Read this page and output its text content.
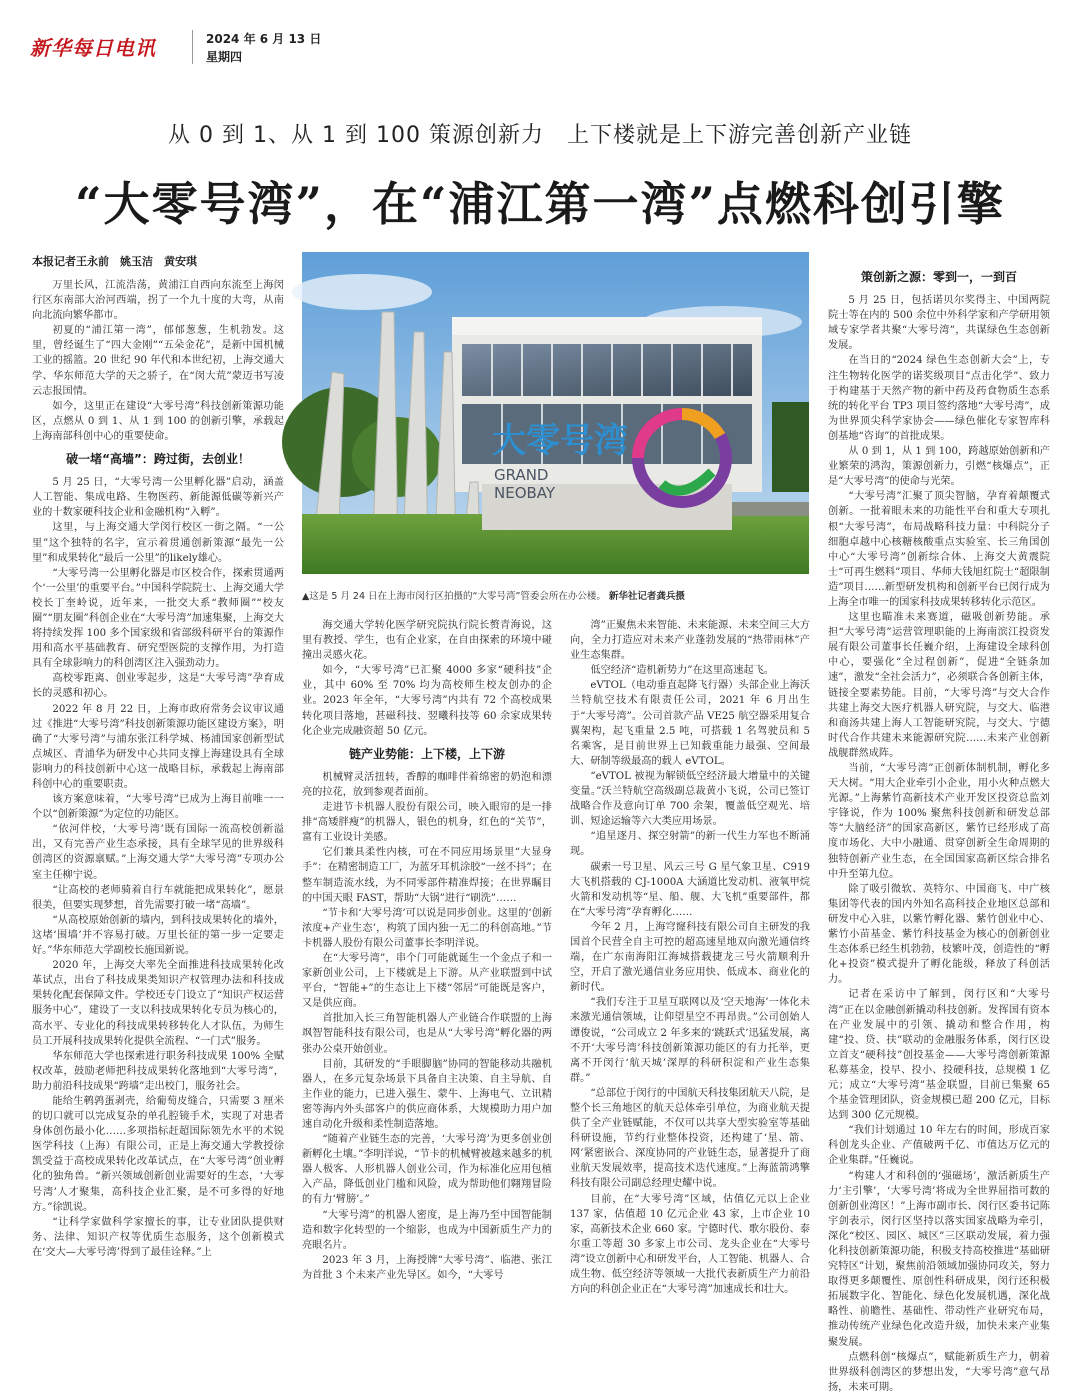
新华每日电讯	2024 年 6 月 13 日
星期四
从 0 到 1、从 1 到 100 策源创新力　上下楼就是上下游完善创新产业链
“大零号湾”，在“浦江第一湾”点燃科创引擎
本报记者王永前　姚玉洁　黄安琪

万里长风，江流浩荡，黄浦江自西向东流至上海闵行区东南部大治河西端，拐了一个九十度的大弯，从南向北流向繁华都市。

初夏的“浦江第一湾”，郁郁葱葱，生机勃发。这里，曾经诞生了“四大金刚”“五朵金花”，是新中国机械工业的摇篮。20 世纪 90 年代和本世纪初，上海交通大学、华东师范大学的天之骄子，在“闵大荒”蒙迈书写凌云志报国情。

如今，这里正在建设“大零号湾”科技创新策源功能区，点燃从 0 到 1、从 1 到 100 的创新引擎，承载起上海南部科创中心的重要使命。

破一堵“高墙”：跨过街，去创业！

5 月 25 日，“大零号湾一公里孵化器”启动，涵盖人工智能、集成电路、生物医药、新能源低碳等新兴产业的十数家硬科技企业和金融机构“入孵”。

这里，与上海交通大学闵行校区一街之隔。“一公里”这个独特的名字，宣示着贯通创新策源“最先一公里”和成果转化“最后一公里”的likely雄心。

“大零号湾一公里孵化器是市区校合作，探索贯通两个‘一公里’的重要平台。”中国科学院院士、上海交通大学校长丁奎岭说，近年来，一批交大系“教师圈”“校友圈”“朋友圈”科创企业在“大零号湾”加速集聚，上海交大将持续发挥 100 多个国家级和省部级科研平台的策源作用和高水平基础教育、研究型医院的支撑作用，为打造具有全球影响力的科创湾区注入强劲动力。

高校零距离、创业零起步，这是“大零号湾”孕育成长的灵感和初心。

2022 年 8 月 22 日，上海市政府常务会议审议通过《推进“大零号湾”科技创新策源功能区建设方案》，明确了“大零号湾”与浦东张江科学城、杨浦国家创新型试点城区、青浦华为研发中心共同支撑上海建设具有全球影响力的科技创新中心这一战略目标，承载起上海南部科创中心的重要职责。

该方案意味着，“大零号湾”已成为上海目前唯一一个以“创新策源”为定位的功能区。

“依河伴校，‘大零号湾’既有国际一流高校创新溢出，又有完善产业生态承接，具有全球罕见的世界级科创湾区的资源禀赋。”上海交通大学“大零号湾”专项办公室主任柳宁说。

“让高校的老师骑着自行车就能把成果转化”，愿景很美，但要实现梦想，首先需要打破一堵“高墙”。

“从高校原始创新的墙内，到科技成果转化的墙外，这堵‘围墙’并不容易打破。万里长征的第一步一定要走好。”华东师范大学副校长施国新说。

2020 年，上海交大率先全面推进科技成果转化改革试点，出台了科技成果类知识产权管理办法和科技成果转化配套保障文件。学校还专门设立了“知识产权运营服务中心”，建设了一支以科技成果转化专员为核心的，高水平、专业化的科技成果转移转化人才队伍，为师生员工开展科技成果转化提供全流程、“一门式”服务。

华东师范大学也探索进行职务科技成果 100% 全赋权改革，鼓励老师把科技成果转化落地到“大零号湾”，助力前沿科技成果“跨墙”走出校门，服务社会。

能给生鹌鹑蛋剥壳，给葡萄皮缝合，只需要 3 厘米的切口就可以完成复杂的单孔腔镜手术，实现了对患者身体创伤最小化……多项指标赶超国际领先水平的术锐医学科技（上海）有限公司，正是上海交通大学教授徐凯受益于高校成果转化改革试点，在“大零号湾”创业孵化的独角兽。“新兴领域创新创业需要好的生态，‘大零号湾’人才聚集，高科技企业汇聚，是不可多得的好地方。”徐凯说。

“让科学家做科学家擅长的事，让专业团队提供财务、法律、知识产权等优质生态服务，这个创新模式在‘交大—大零号湾’得到了最佳诠释。”上

大零号湾
GRAND
NEOBAY
▲这是 5 月 24 日在上海市闵行区拍摄的“大零号湾”管委会所在办公楼。 新华社记者龚兵摄

海交通大学转化医学研究院执行院长赘青海说，这里有教授、学生，也有企业家，在自由探索的环境中碰撞出灵感火花。

如今，“大零号湾”已汇聚 4000 多家“硬科技”企业，其中 60% 至 70% 均为高校师生校友创办的企业。2023 年全年，“大零号湾”内共有 72 个高校成果转化项目落地，甚磁科技、翌曦科技等 60 余家成果转化企业完成融资超 50 亿元。

链产业势能：上下楼，上下游

机械臂灵活扭转，香醇的咖啡伴着绵密的奶泡和漂亮的拉花，放到参观者面前。

走进节卡机器人股份有限公司，映入眼帘的是一排排“高矮胖瘦”的机器人，银色的机身，红色的“关节”，富有工业设计美感。

它们兼具柔性内核，可在不同应用场景里“大显身手”：在精密制造工厂，为蓝牙耳机涂胶“一丝不抖”；在整车制造流水线，为不同零部件精准焊接；在世界瞩目的中国天眼 FAST，帮助“大锅”进行“刷洗”……

“节卡和‘大零号湾’可以说是同步创业。这里的‘创新浓度+产业生态’，构筑了国内独一无二的科创高地。”节卡机器人股份有限公司董事长李明洋说。

在“大零号湾”，串个门可能就诞生一个金点子和一家新创业公司，上下楼就是上下游。从产业联盟到中试平台，“智能+”的生态让上下楼“邻居”可能既是客户，又是供应商。

首批加入长三角智能机器人产业链合作联盟的上海飒智智能科技有限公司，也是从“大零号湾”孵化器的两张办公桌开始创业。

目前，其研发的“手眼脚脑”协同的智能移动共融机器人，在多元复杂场景下具备自主决策、自主导航、自主作业的能力，已进入强生、蒙牛、上海电气、立讯精密等海内外头部客户的供应商体系，大规模助力用户加速自动化升级和柔性制造落地。

“随着产业链生态的完善，‘大零号湾’为更多创业创新孵化土壤。”李明洋说，“节卡的机械臂被越来越多的机器人极客、人形机器人创业公司，作为标准化应用包植入产品，降低创业门槛和风险，成为帮助他们翱翔冒险的有力‘臂膀’。”

“大零号湾”的机器人密度，是上海乃至中国智能制造和数字化转型的一个缩影，也成为中国新质生产力的亮眼名片。

2023 年 3 月，上海授牌“大零号湾”、临港、张江为首批 3 个未来产业先导区。如今，“大零号

湾”正聚焦未来智能、未来能源、未来空间三大方向，全力打造应对未来产业蓬勃发展的“热带雨林”产业生态集群。

低空经济“造机新势力”在这里高速起飞。

eVTOL（电动垂直起降飞行器）头部企业上海沃兰特航空技术有限责任公司，2021 年 6 月出生于“大零号湾”。公司首款产品 VE25 航空器采用复合翼架构，起飞重量 2.5 吨，可搭载 1 名驾驶员和 5 名乘客，是目前世界上已知载重能力最强、空间最大、研制等级最高的载人 eVTOL。

“eVTOL 被视为解锁低空经济最大增量中的关键变量。”沃兰特航空高级副总裁黄小飞说，公司已签订战略合作及意向订单 700 余架，覆盖低空观光、培训、短途运输等六大类应用场景。

“追星逐月、探空射箭”的新一代生力军也不断涌现。

碳索一号卫星、风云三号 G 星气象卫星、C919 大飞机搭载的 CJ-1000A 大涵道比发动机、液氧甲烷火箭和发动机等“星、船、舰、大飞机”重要部件，都在“大零号湾”孕育孵化……

今年 2 月，上海穹窿科技有限公司自主研发的我国首个民营全自主可控的超高速星地双向激光通信终端，在广东南海阳江海城搭载捷龙三号火箭顺利升空，开启了激光通信业务应用快、低成本、商业化的新时代。

“我们专注于卫星互联网以及‘空天地海’一体化未来激光通信领域，让仰望星空不再昂贵。”公司创始人谭俊说，“公司成立 2 年多来的‘跳跃式’迅猛发展，离不开‘大零号湾’科技创新策源功能区的有力托举，更离不开闵行‘航天城’深厚的科研积淀和产业生态集群。”

“总部位于闵行的中国航天科技集团航天八院，是整个长三角地区的航天总体牵引单位，为商业航天提供了全产业链赋能，不仅可以共享大型实验室等基础科研设施，节约行业整体投资，还构建了‘星、箭、网’紧密嵌合、深度协同的产业链生态，显著提升了商业航天发展效率，提高技术迭代速度。”上海蓝箭鸿擎科技有限公司副总经理史耀中说。

目前，在“大零号湾”区域，估值亿元以上企业 137 家，估值超 10 亿元企业 43 家，上市企业 10 家，高新技术企业 660 家。宁德时代、歌尔股份、泰尔重工等超 30 多家上市公司、龙头企业在“大零号湾”设立创新中心和研发平台，人工智能、机器人、合成生物、低空经济等领域一大批代表新质生产力前沿方向的科创企业正在“大零号湾”加速成长和壮大。

策创新之源：零到一，一到百

5 月 25 日，包括诺贝尔奖得主、中国两院院士等在内的 500 余位中外科学家和产学研用领域专家学者共聚“大零号湾”，共谋绿色生态创新发展。

在当日的“2024 绿色生态创新大会”上，专注生物转化医学的诺奖级项目“点击化学”、致力于构建基于天然产物的新中药及药食物质生态系统的转化平台 TP3 项目签约落地“大零号湾”，成为世界顶尖科学家协会——绿色催化专家智库科创基地“咨询”的首批成果。

从 0 到 1，从 1 到 100，跨越原始创新和产业繁荣的鸿沟，策源创新力，引燃“核爆点”，正是“大零号湾”的使命与光荣。

“大零号湾”汇聚了顶尖智脑，孕育着颠覆式创新。一批着眼未来的功能性平台和重大专项扎根“大零号湾”，布局战略科技力量：中科院分子细胞卓越中心核糖核酸重点实验室、长三角国创中心“大零号湾”创新综合体、上海交大黄震院士“可再生燃料”项目、华师大钱旭红院士“超限制造”项目……新型研发机构和创新平台已闵行成为上海全市唯一的国家科技成果转移转化示范区。

这里也瞄准未来赛道，磁吸创新势能。承担“大零号湾”运营管理职能的上海南滨江投资发展有限公司董事长任巍介绍，上海建设全球科创中心，要强化“全过程创新”，促进“全链条加速”，激发“全社会活力”，必须联合各创新主体，链接全要素势能。目前，“大零号湾”与交大合作共建上海交大医疗机器人研究院，与交大、临港和商汤共建上海人工智能研究院，与交大、宁德时代合作共建未来能源研究院……未来产业创新战舰群然成阵。

当前，“大零号湾”正创新体制机制，孵化多天大树。“用大企业牵引小企业，用小火种点燃大光源。”上海紫竹高新技术产业开发区投资总监刘宇锋说，作为 100% 聚焦科技创新和研发总部等“大脑经济”的国家高新区，紫竹已经形成了高度市场化、大中小融通、贯穿创新全生命周期的独特创新产业生态，在全国国家高新区综合排名中升至第九位。

除了吸引微软、英特尔、中国商飞、中广核集团等代表的国内外知名高科技企业地区总部和研发中心入驻，以紫竹孵化器、紫竹创业中心、紫竹小苗基金、紫竹科技基金为核心的创新创业生态体系已经生机勃勃，枝繁叶茂，创造性的“孵化+投资”模式提升了孵化能级，释放了科创活力。

记者在采访中了解到，闵行区和“大零号湾”正在以金融创新撬动科技创新。发挥国有资本在产业发展中的引领、撬动和整合作用，构建“投、贷、扶”联动的金融服务体系，闵行区设立首支“硬科技”创投基金——大零号湾创新策源私募基金，投早、投小、投硬科技，总规模 1 亿元；成立“大零号湾”基金联盟，目前已集聚 65 个基金管理团队，资金规模已超 200 亿元，目标达到 300 亿元规模。

“我们计划通过 10 年左右的时间，形成百家科创龙头企业、产值破两千亿、市值达万亿元的企业集群。”任巍说。

“构建人才和科创的‘强磁场’，激活新质生产力‘主引擎’，‘大零号湾’将成为全世界屈指可数的创新创业湾区！”上海市副市长、闵行区委书记陈宇剑表示，闵行区坚持以落实国家战略为牵引，深化“校区、园区、城区”三区联动发展，着力强化科技创新策源功能，积极支持高校推进“基础研究特区”计划，聚焦前沿领域加强协同攻关，努力取得更多颠覆性、原创性科研成果，闵行还积极拓展数字化、智能化、绿色化发展机遇，深化战略性、前瞻性、基础性、带动性产业研究布局，推动传统产业绿色化改造升级，加快未来产业集聚发展。

点燃科创“核爆点”，赋能新质生产力，朝着世界级科创湾区的梦想出发，“大零号湾”意气昂扬，未来可期。
